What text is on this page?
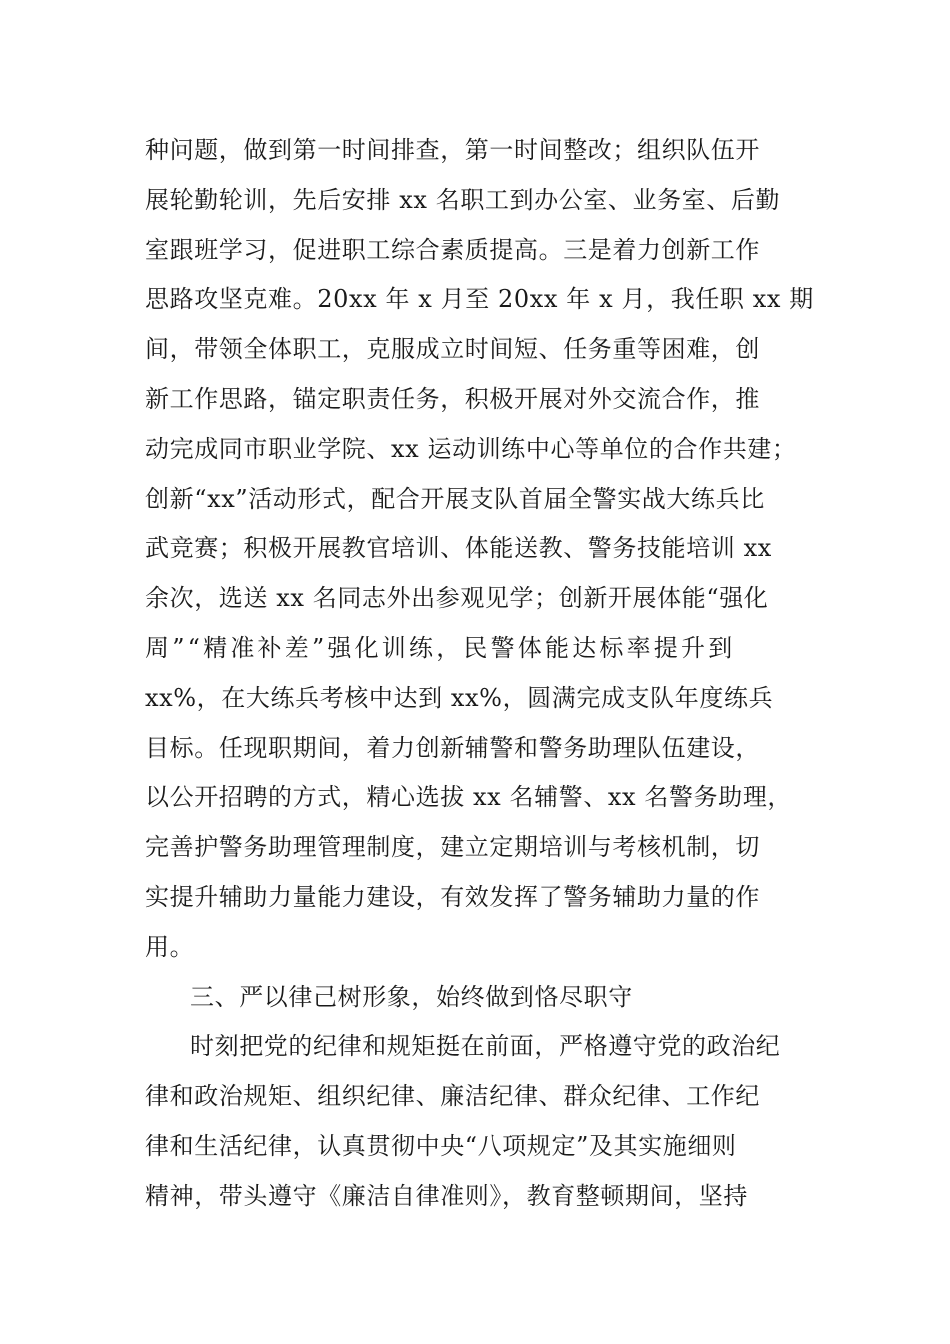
种问题，做到第一时间排查，第一时间整改；组织队伍开
展轮勤轮训，先后安排 xx 名职工到办公室、业务室、后勤
室跟班学习，促进职工综合素质提高。三是着力创新工作
思路攻坚克难。20xx 年 x 月至 20xx 年 x 月，我任职 xx 期
间，带领全体职工，克服成立时间短、任务重等困难，创
新工作思路，锚定职责任务，积极开展对外交流合作，推
动完成同市职业学院、xx 运动训练中心等单位的合作共建；
创新“xx”活动形式，配合开展支队首届全警实战大练兵比
武竞赛；积极开展教官培训、体能送教、警务技能培训 xx
余次，选送 xx 名同志外出参观见学；创新开展体能“强化
周”“精准补差”强化训练，民警体能达标率提升到
xx%，在大练兵考核中达到 xx%，圆满完成支队年度练兵
目标。任现职期间，着力创新辅警和警务助理队伍建设，
以公开招聘的方式，精心选拔 xx 名辅警、xx 名警务助理，
完善护警务助理管理制度，建立定期培训与考核机制，切
实提升辅助力量能力建设，有效发挥了警务辅助力量的作
用。
三、严以律己树形象，始终做到恪尽职守
时刻把党的纪律和规矩挺在前面，严格遵守党的政治纪
律和政治规矩、组织纪律、廉洁纪律、群众纪律、工作纪
律和生活纪律，认真贯彻中央“八项规定”及其实施细则
精神，带头遵守《廉洁自律准则》，教育整顿期间，坚持
